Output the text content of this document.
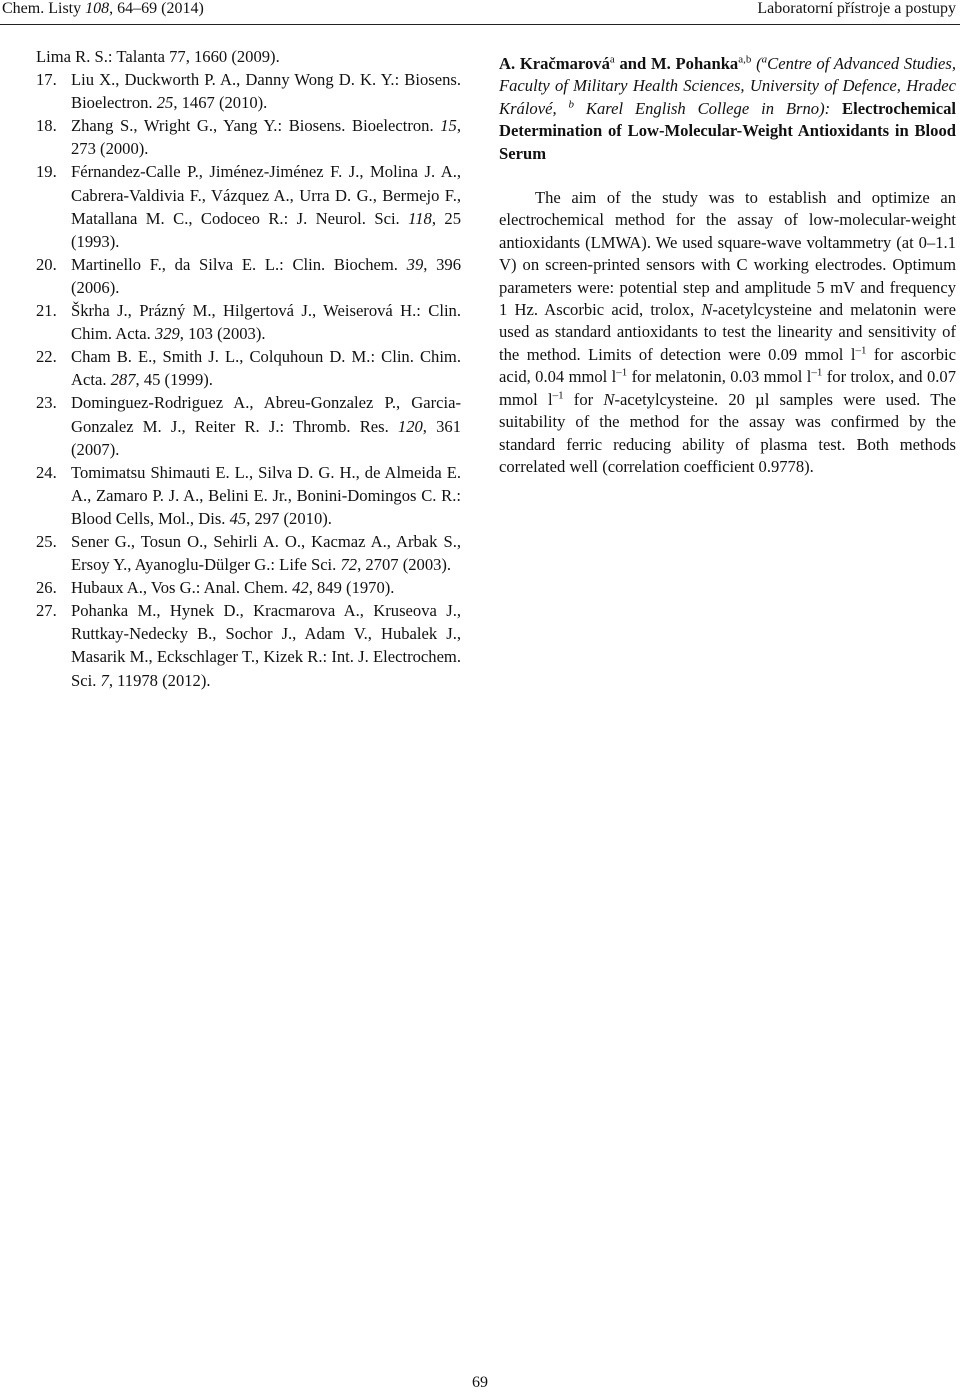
Chem. Listy 108, 64–69 (2014)	Laboratorní přístroje a postupy
Lima R. S.: Talanta 77, 1660 (2009).
17. Liu X., Duckworth P. A., Danny Wong D. K. Y.: Biosens. Bioelectron. 25, 1467 (2010).
18. Zhang S., Wright G., Yang Y.: Biosens. Bioelectron. 15, 273 (2000).
19. Férnandez-Calle P., Jiménez-Jiménez F. J., Molina J. A., Cabrera-Valdivia F., Vázquez A., Urra D. G., Bermejo F., Matallana M. C., Codoceo R.: J. Neurol. Sci. 118, 25 (1993).
20. Martinello F., da Silva E. L.: Clin. Biochem. 39, 396 (2006).
21. Škrha J., Prázný M., Hilgertová J., Weiserová H.: Clin. Chim. Acta. 329, 103 (2003).
22. Cham B. E., Smith J. L., Colquhoun D. M.: Clin. Chim. Acta. 287, 45 (1999).
23. Dominguez-Rodriguez A., Abreu-Gonzalez P., Garcia-Gonzalez M. J., Reiter R. J.: Thromb. Res. 120, 361 (2007).
24. Tomimatsu Shimauti E. L., Silva D. G. H., de Almeida E. A., Zamaro P. J. A., Belini E. Jr., Bonini-Domingos C. R.: Blood Cells, Mol., Dis. 45, 297 (2010).
25. Sener G., Tosun O., Sehirli A. O., Kacmaz A., Arbak S., Ersoy Y., Ayanoglu-Dülger G.: Life Sci. 72, 2707 (2003).
26. Hubaux A., Vos G.: Anal. Chem. 42, 849 (1970).
27. Pohanka M., Hynek D., Kracmarova A., Kruseova J., Ruttkay-Nedecky B., Sochor J., Adam V., Hubalek J., Masarik M., Eckschlager T., Kizek R.: Int. J. Electrochem. Sci. 7, 11978 (2012).
A. Kračmarová$^a$ and M. Pohanka$^{a,b}$ ($^a$Centre of Advanced Studies, Faculty of Military Health Sciences, University of Defence, Hradec Králové, $^b$ Karel English College in Brno): Electrochemical Determination of Low-Molecular-Weight Antioxidants in Blood Serum
The aim of the study was to establish and optimize an electrochemical method for the assay of low-molecular-weight antioxidants (LMWA). We used square-wave voltammetry (at 0–1.1 V) on screen-printed sensors with C working electrodes. Optimum parameters were: potential step and amplitude 5 mV and frequency 1 Hz. Ascorbic acid, trolox, N-acetylcysteine and melatonin were used as standard antioxidants to test the linearity and sensitivity of the method. Limits of detection were 0.09 mmol $l^{-1}$ for ascorbic acid, 0.04 mmol $l^{-1}$ for melatonin, 0.03 mmol $l^{-1}$ for trolox, and 0.07 mmol $l^{-1}$ for N-acetylcysteine. 20 µl samples were used. The suitability of the method for the assay was confirmed by the standard ferric reducing ability of plasma test. Both methods correlated well (correlation coefficient 0.9778).
69
